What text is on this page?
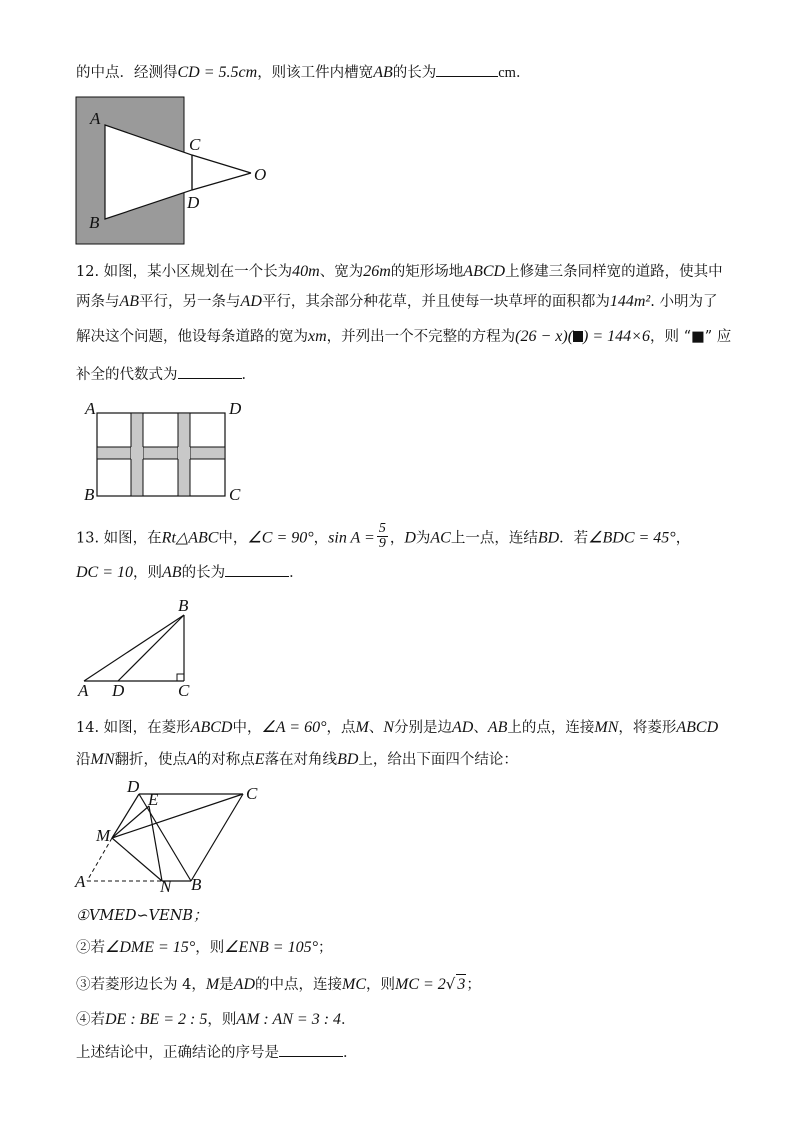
的中点．经测得CD = 5.5cm，则该工件内槽宽AB的长为	cm．
A
B
C
D
O
12. 如图，某小区规划在一个长为40m、宽为26m的矩形场地ABCD上修建三条同样宽的道路，使其中
两条与AB平行，另一条与AD平行，其余部分种花草，并且使每一块草坪的面积都为144m². 小明为了
解决这个问题，他设每条道路的宽为xm，并列出一个不完整的方程为(26 − x)( ) = 144×6，则 “■” 应
补全的代数式为	．
A	D
B	C
13. 如图，在Rt△ABC中，∠C = 90°，$\sin A = \frac{5}{9}$ ，D为AC上一点，连结BD．若∠BDC = 45°，
DC = 10，则AB的长为	．
B
A D	C
14. 如图，在菱形ABCD中，∠A = 60°，点M、N分别是边AD、AB上的点，连接MN，将菱形ABCD
沿MN翻折，使点A的对称点E落在对角线BD上，给出下面四个结论：
D
E	C
M
A	N B
①VMED∽VENB；
②若∠DME = 15°，则∠ENB = 105°；
③若菱形边长为 4，M是AD的中点，连接MC，则MC = 2√ 3；
④若DE : BE = 2 : 5，则AM : AN = 3 : 4．
上述结论中，正确结论的序号是	．
